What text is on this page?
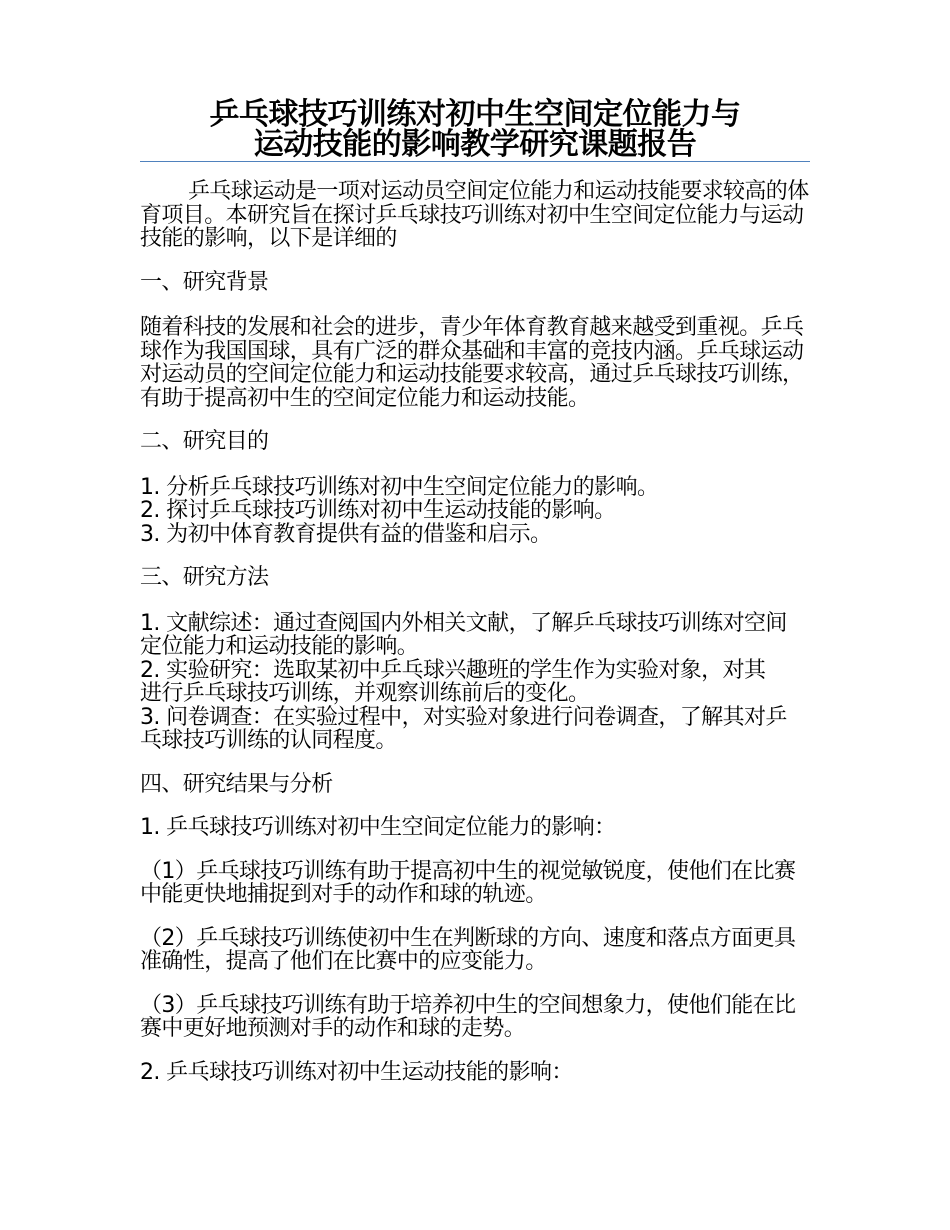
乒乓球技巧训练对初中生空间定位能力与
运动技能的影响教学研究课题报告

乒乓球运动是一项对运动员空间定位能力和运动技能要求较高的体育项目。本研究旨在探讨乒乓球技巧训练对初中生空间定位能力与运动技能的影响，以下是详细的

一、研究背景

随着科技的发展和社会的进步，青少年体育教育越来越受到重视。乒乓球作为我国国球，具有广泛的群众基础和丰富的竞技内涵。乒乓球运动对运动员的空间定位能力和运动技能要求较高，通过乒乓球技巧训练，有助于提高初中生的空间定位能力和运动技能。

二、研究目的

1. 分析乒乓球技巧训练对初中生空间定位能力的影响。

2. 探讨乒乓球技巧训练对初中生运动技能的影响。

3. 为初中体育教育提供有益的借鉴和启示。

三、研究方法

1. 文献综述：通过查阅国内外相关文献，了解乒乓球技巧训练对空间定位能力和运动技能的影响。

2. 实验研究：选取某初中乒乓球兴趣班的学生作为实验对象，对其进行乒乓球技巧训练，并观察训练前后的变化。

3. 问卷调查：在实验过程中，对实验对象进行问卷调查，了解其对乒乓球技巧训练的认同程度。

四、研究结果与分析

1. 乒乓球技巧训练对初中生空间定位能力的影响：

（1）乒乓球技巧训练有助于提高初中生的视觉敏锐度，使他们在比赛中能更快地捕捉到对手的动作和球的轨迹。

（2）乒乓球技巧训练使初中生在判断球的方向、速度和落点方面更具准确性，提高了他们在比赛中的应变能力。

（3）乒乓球技巧训练有助于培养初中生的空间想象力，使他们能在比赛中更好地预测对手的动作和球的走势。

2. 乒乓球技巧训练对初中生运动技能的影响：
